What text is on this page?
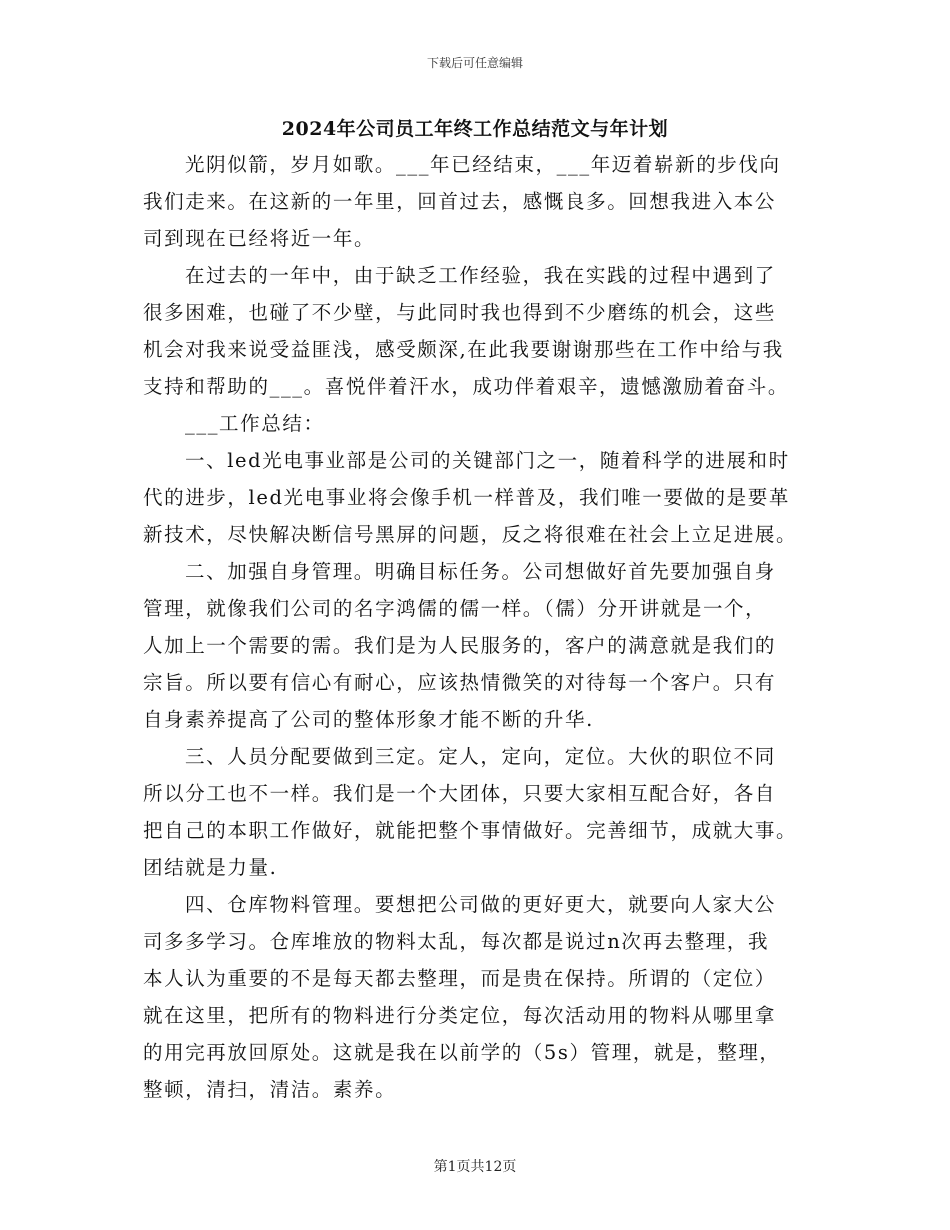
下载后可任意编辑
2024年公司员工年终工作总结范文与年计划
光阴似箭，岁月如歌。___年已经结束，___年迈着崭新的步伐向
我们走来。在这新的一年里，回首过去，感慨良多。回想我进入本公
司到现在已经将近一年。
在过去的一年中，由于缺乏工作经验，我在实践的过程中遇到了
很多困难，也碰了不少壁，与此同时我也得到不少磨练的机会，这些
机会对我来说受益匪浅，感受颇深,在此我要谢谢那些在工作中给与我
支持和帮助的___。喜悦伴着汗水，成功伴着艰辛，遗憾激励着奋斗。
___工作总结：
一、led光电事业部是公司的关键部门之一，随着科学的进展和时
代的进步，led光电事业将会像手机一样普及，我们唯一要做的是要革
新技术，尽快解决断信号黑屏的问题，反之将很难在社会上立足进展。
二、加强自身管理。明确目标任务。公司想做好首先要加强自身
管理，就像我们公司的名字鸿儒的儒一样。（儒）分开讲就是一个，
人加上一个需要的需。我们是为人民服务的，客户的满意就是我们的
宗旨。所以要有信心有耐心，应该热情微笑的对待每一个客户。只有
自身素养提高了公司的整体形象才能不断的升华.
三、人员分配要做到三定。定人，定向，定位。大伙的职位不同
所以分工也不一样。我们是一个大团体，只要大家相互配合好，各自
把自己的本职工作做好，就能把整个事情做好。完善细节，成就大事。
团结就是力量.
四、仓库物料管理。要想把公司做的更好更大，就要向人家大公
司多多学习。仓库堆放的物料太乱，每次都是说过n次再去整理，我
本人认为重要的不是每天都去整理，而是贵在保持。所谓的（定位）
就在这里，把所有的物料进行分类定位，每次活动用的物料从哪里拿
的用完再放回原处。这就是我在以前学的（5s）管理，就是，整理，
整顿，清扫，清洁。素养。
第1页共12页
